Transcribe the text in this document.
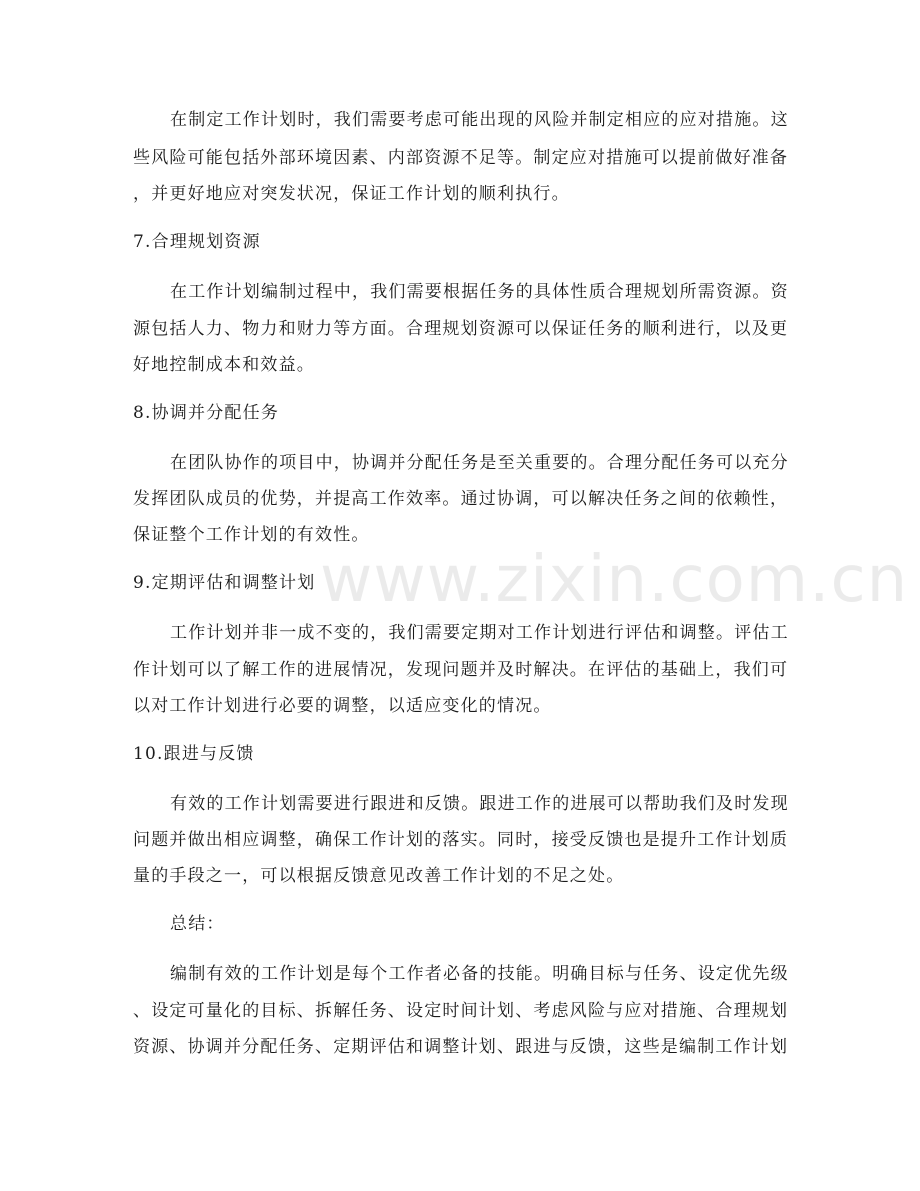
www.zixin.com.cn
在制定工作计划时，我们需要考虑可能出现的风险并制定相应的应对措施。这
些风险可能包括外部环境因素、内部资源不足等。制定应对措施可以提前做好准备
，并更好地应对突发状况，保证工作计划的顺利执行。
7.合理规划资源
在工作计划编制过程中，我们需要根据任务的具体性质合理规划所需资源。资
源包括人力、物力和财力等方面。合理规划资源可以保证任务的顺利进行，以及更
好地控制成本和效益。
8.协调并分配任务
在团队协作的项目中，协调并分配任务是至关重要的。合理分配任务可以充分
发挥团队成员的优势，并提高工作效率。通过协调，可以解决任务之间的依赖性，
保证整个工作计划的有效性。
9.定期评估和调整计划
工作计划并非一成不变的，我们需要定期对工作计划进行评估和调整。评估工
作计划可以了解工作的进展情况，发现问题并及时解决。在评估的基础上，我们可
以对工作计划进行必要的调整，以适应变化的情况。
10.跟进与反馈
有效的工作计划需要进行跟进和反馈。跟进工作的进展可以帮助我们及时发现
问题并做出相应调整，确保工作计划的落实。同时，接受反馈也是提升工作计划质
量的手段之一，可以根据反馈意见改善工作计划的不足之处。
总结：
编制有效的工作计划是每个工作者必备的技能。明确目标与任务、设定优先级
、设定可量化的目标、拆解任务、设定时间计划、考虑风险与应对措施、合理规划
资源、协调并分配任务、定期评估和调整计划、跟进与反馈，这些是编制工作计划
